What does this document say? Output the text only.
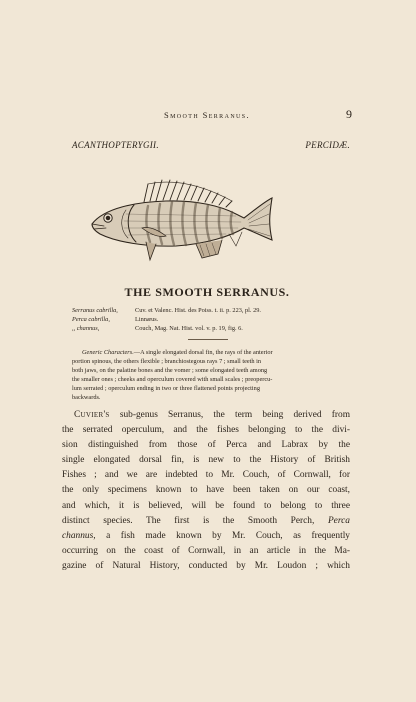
Smooth Serranus.	9
ACANTHOPTERYGII.	PERCIDÆ.
THE SMOOTH SERRANUS.
Serranus cabrilla,	Cuv. et Valenc. Hist. des Poiss. t. ii. p. 223, pl. 29.
Perca cabrilla,	Linnæus.
,, channus,	Couch, Mag. Nat. Hist. vol. v. p. 19, fig. 6.
Generic Characters.—A single elongated dorsal fin, the rays of the anterior
portion spinous, the others flexible ; branchiostegous rays 7 ; small teeth in
both jaws, on the palatine bones and the vomer ; some elongated teeth among
the smaller ones ; cheeks and operculum covered with small scales ; preopercu-
lum serrated ; operculum ending in two or three flattened points projecting
backwards.
Cuvier's sub-genus Serranus, the term being derived from
the serrated operculum, and the fishes belonging to the divi-
sion distinguished from those of Perca and Labrax by the
single elongated dorsal fin, is new to the History of British
Fishes ; and we are indebted to Mr. Couch, of Cornwall, for
the only specimens known to have been taken on our coast,
and which, it is believed, will be found to belong to three
distinct species. The first is the Smooth Perch, Perca
channus, a fish made known by Mr. Couch, as frequently
occurring on the coast of Cornwall, in an article in the Ma-
gazine of Natural History, conducted by Mr. Loudon ; which
